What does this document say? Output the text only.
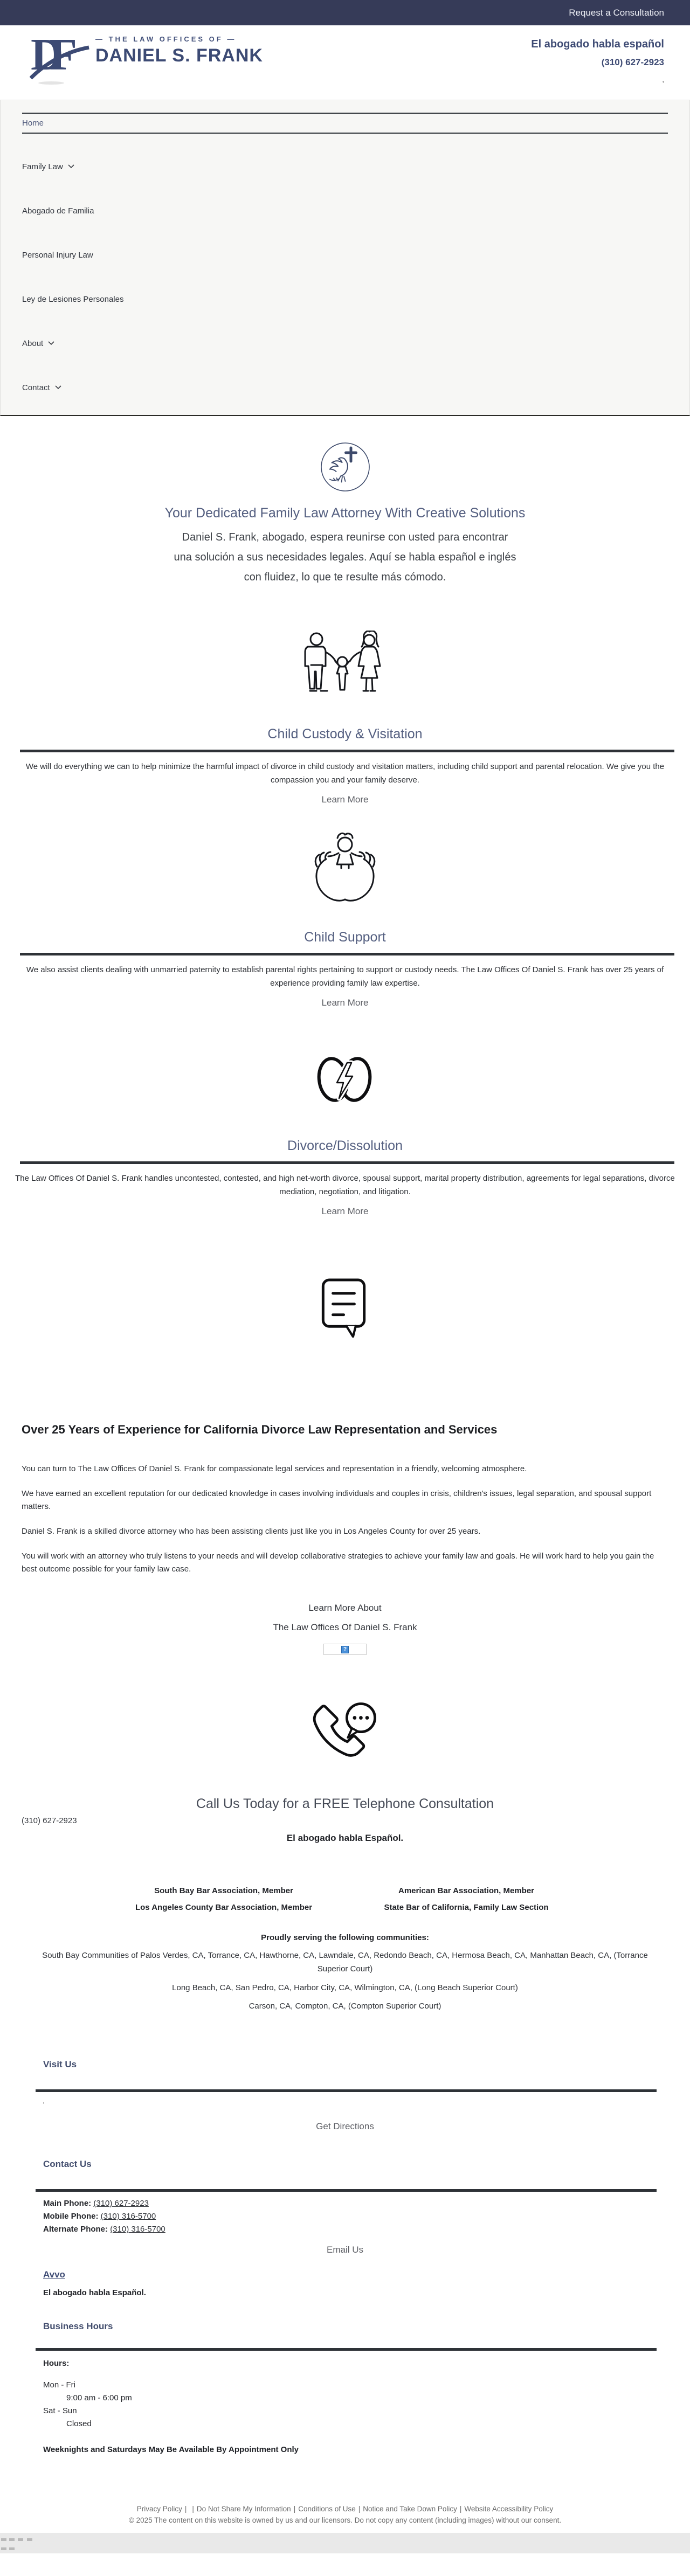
Request a Consultation
DF	— THE LAW OFFICES OF —
DANIEL S. FRANK
El abogado habla español
(310) 627-2923
,
Home
Family Law
Abogado de Familia
Personal Injury Law
Ley de Lesiones Personales
About
Contact
Your Dedicated Family Law Attorney With Creative Solutions
Daniel S. Frank, abogado, espera reunirse con usted para encontrar
una solución a sus necesidades legales. Aquí se habla español e inglés
con fluidez, lo que te resulte más cómodo.
Child Custody & Visitation

We will do everything we can to help minimize the harmful impact of divorce in child custody and visitation matters, including child support and parental relocation. We give you the compassion you and your family deserve.

Learn More
Child Support

We also assist clients dealing with unmarried paternity to establish parental rights pertaining to support or custody needs. The Law Offices Of Daniel S. Frank has over 25 years of experience providing family law expertise.

Learn More
Divorce/Dissolution

The Law Offices Of Daniel S. Frank handles uncontested, contested, and high net-worth divorce, spousal support, marital property distribution, agreements for legal separations, divorce mediation, negotiation, and litigation.

Learn More
Over 25 Years of Experience for California Divorce Law Representation and Services

You can turn to The Law Offices Of Daniel S. Frank for compassionate legal services and representation in a friendly, welcoming atmosphere.

We have earned an excellent reputation for our dedicated knowledge in cases involving individuals and couples in crisis, children's issues, legal separation, and spousal support matters.

Daniel S. Frank is a skilled divorce attorney who has been assisting clients just like you in Los Angeles County for over 25 years.

You will work with an attorney who truly listens to your needs and will develop collaborative strategies to achieve your family law and goals. He will work hard to help you gain the best outcome possible for your family law case.

Learn More About
The Law Offices Of Daniel S. Frank
?
Call Us Today for a FREE Telephone Consultation
(310) 627-2923
El abogado habla Español.
South Bay Bar Association, Member	American Bar Association, Member
Los Angeles County Bar Association, Member	State Bar of California, Family Law Section
Proudly serving the following communities:

South Bay Communities of Palos Verdes, CA, Torrance, CA, Hawthorne, CA, Lawndale, CA, Redondo Beach, CA, Hermosa Beach, CA, Manhattan Beach, CA, (Torrance Superior Court)

Long Beach, CA, San Pedro, CA, Harbor City, CA, Wilmington, CA, (Long Beach Superior Court)

Carson, CA, Compton, CA, (Compton Superior Court)

Visit Us
'
Get Directions
Contact Us
Main Phone: (310) 627-2923
Mobile Phone: (310) 316-5700
Alternate Phone: (310) 316-5700
Email Us
Avvo
El abogado habla Español.
Business Hours
Hours:
Mon - Fri
9:00 am - 6:00 pm
Sat - Sun
Closed
Weeknights and Saturdays May Be Available By Appointment Only
Privacy Policy | | Do Not Share My Information | Conditions of Use | Notice and Take Down Policy | Website Accessibility Policy
© 2025 The content on this website is owned by us and our licensors. Do not copy any content (including images) without our consent.
